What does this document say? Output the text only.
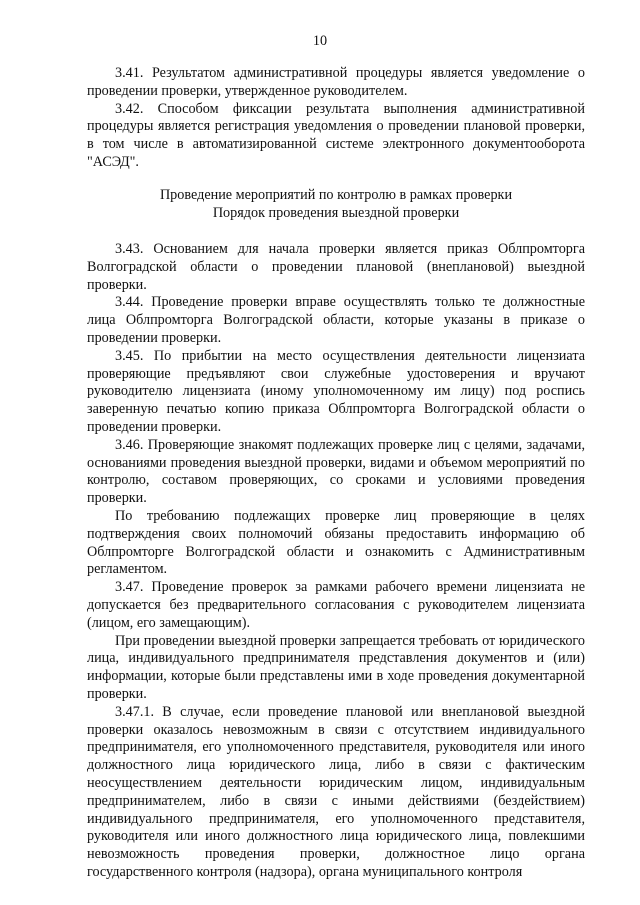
10

3.41. Результатом административной процедуры является уведомление о проведении проверки, утвержденное руководителем.

3.42. Способом фиксации результата выполнения административной процедуры является регистрация уведомления о проведении плановой проверки, в том числе в автоматизированной системе электронного документооборота "АСЭД".

Проведение мероприятий по контролю в рамках проверки

Порядок проведения выездной проверки

3.43. Основанием для начала проверки является приказ Облпромторга Волгоградской области о проведении плановой (внеплановой) выездной проверки.

3.44. Проведение проверки вправе осуществлять только те должностные лица Облпромторга Волгоградской области, которые указаны в приказе о проведении проверки.

3.45. По прибытии на место осуществления деятельности лицензиата проверяющие предъявляют свои служебные удостоверения и вручают руководителю лицензиата (иному уполномоченному им лицу) под роспись заверенную печатью копию приказа Облпромторга Волгоградской области о проведении проверки.

3.46. Проверяющие знакомят подлежащих проверке лиц с целями, задачами, основаниями проведения выездной проверки, видами и объемом мероприятий по контролю, составом проверяющих, со сроками и условиями проведения проверки.

По требованию подлежащих проверке лиц проверяющие в целях подтверждения своих полномочий обязаны предоставить информацию об Облпромторге Волгоградской области и ознакомить с Административным регламентом.

3.47. Проведение проверок за рамками рабочего времени лицензиата не допускается без предварительного согласования с руководителем лицензиата (лицом, его замещающим).

При проведении выездной проверки запрещается требовать от юридического лица, индивидуального предпринимателя представления документов и (или) информации, которые были представлены ими в ходе проведения документарной проверки.

3.47.1. В случае, если проведение плановой или внеплановой выездной проверки оказалось невозможным в связи с отсутствием индивидуального предпринимателя, его уполномоченного представителя, руководителя или иного должностного лица юридического лица, либо в связи с фактическим неосуществлением деятельности юридическим лицом, индивидуальным предпринимателем, либо в связи с иными действиями (бездействием) индивидуального предпринимателя, его уполномоченного представителя, руководителя или иного должностного лица юридического лица, повлекшими невозможность проведения проверки, должностное лицо органа государственного контроля (надзора), органа муниципального контроля
